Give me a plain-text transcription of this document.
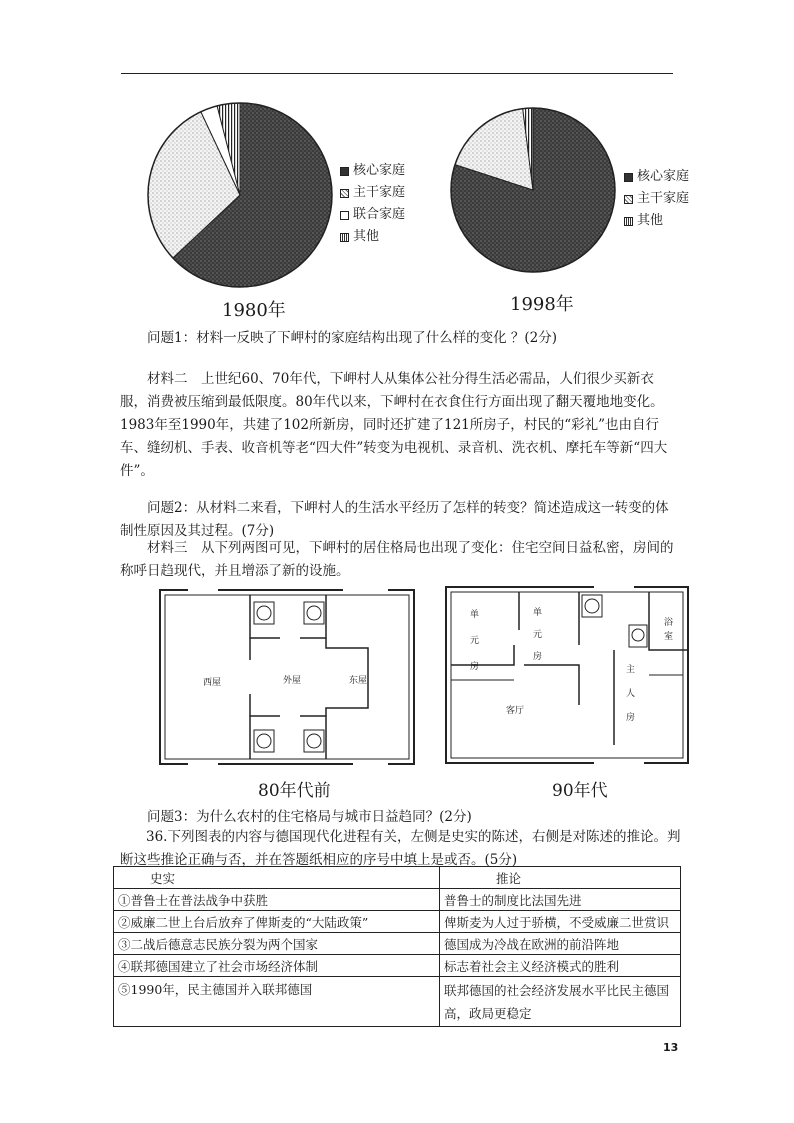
核心家庭
主干家庭
联合家庭
其他
核心家庭
主干家庭
其他
1980年	1998年
问题1：材料一反映了下岬村的家庭结构出现了什么样的变化 ？(2分)
材料二　上世纪60、70年代，下岬村人从集体公社分得生活必需品，人们很少买新衣服，消费被压缩到最低限度。80年代以来，下岬村在衣食住行方面出现了翻天覆地地变化。1983年至1990年，共建了102所新房，同时还扩建了121所房子，村民的“彩礼”也由自行车、缝纫机、手表、收音机等老“四大件”转变为电视机、录音机、洗衣机、摩托车等新“四大件”。
问题2：从材料二来看，下岬村人的生活水平经历了怎样的转变？简述造成这一转变的体制性原因及其过程。(7分)
材料三　从下列两图可见，下岬村的居住格局也出现了变化：住宅空间日益私密，房间的称呼日趋现代，并且增添了新的设施。
西屋	外屋	东屋
80年代前
单
元
房
单
元
房
浴
室
主
人
房
客厅
90年代
问题3：为什么农村的住宅格局与城市日益趋同？(2分)
36.下列图表的内容与德国现代化进程有关，左侧是史实的陈述，右侧是对陈述的推论。判断这些推论正确与否，并在答题纸相应的序号中填上是或否。(5分)
史实	推论
①普鲁士在普法战争中获胜	普鲁士的制度比法国先进
②威廉二世上台后放弃了俾斯麦的“大陆政策”	俾斯麦为人过于骄横，不受威廉二世赏识
③二战后德意志民族分裂为两个国家	德国成为冷战在欧洲的前沿阵地
④联邦德国建立了社会市场经济体制	标志着社会主义经济模式的胜利
⑤1990年，民主德国并入联邦德国	联邦德国的社会经济发展水平比民主德国高，政局更稳定
13
